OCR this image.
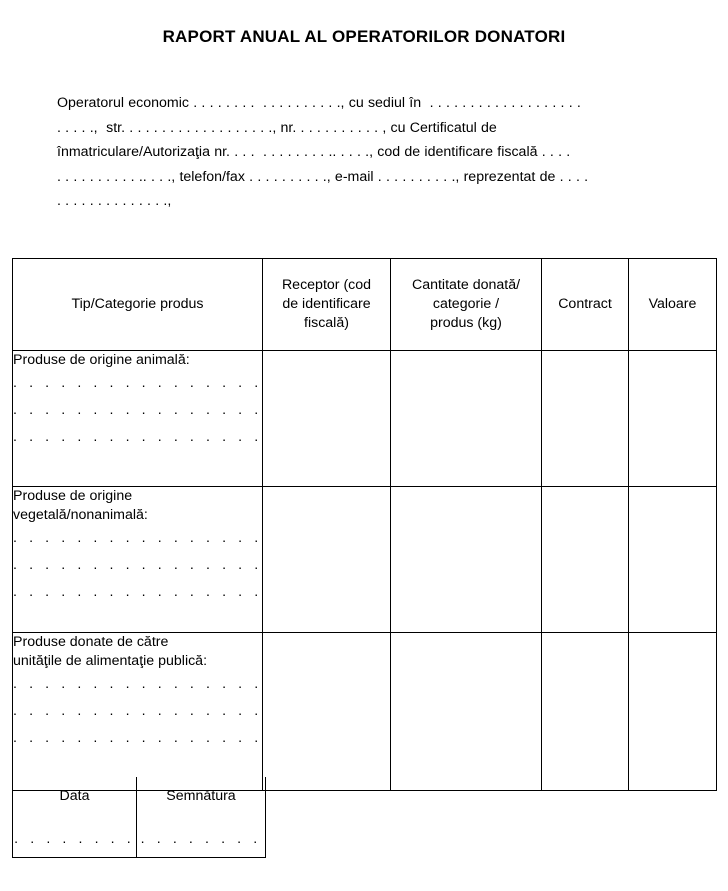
RAPORT ANUAL AL OPERATORILOR DONATORI
Operatorul economic . . . . . . . .  . . . . . . . . . ., cu sediul în  . . . . . . . . . . . . . . . . . . .
. . . . .,  str. . . . . . . . . . . . . . . . . . ., nr. . . . . . . . . . . , cu Certificatul de
înmatriculare/Autorizaţia nr. . . .  . . . . . . . . .. . . . ., cod de identificare fiscală . . . .
. . . . . . . . . . .. . . ., telefon/fax . . . . . . . . . ., e-mail . . . . . . . . . ., reprezentat de . . . .
. . . . . . . . . . . . . .,
Tip/Categorie produs	Receptor (cod
de identificare
fiscală)	Cantitate donată/
categorie /
produs (kg)	Contract	Valoare

Produse de origine animală:
. . . . . . . . . . . . . . . .
. . . . . . . . . . . . . . . .
. . . . . . . . . . . . . . . .				

Produse de origine
vegetală/nonanimală:
. . . . . . . . . . . . . . . .
. . . . . . . . . . . . . . . .
. . . . . . . . . . . . . . . .				

Produse donate de către
unităţile de alimentaţie publică:
. . . . . . . . . . . . . . . .
. . . . . . . . . . . . . . . .
. . . . . . . . . . . . . . . .				

Data
. . . . . . . .

Semnătura
. . . . . . . .
